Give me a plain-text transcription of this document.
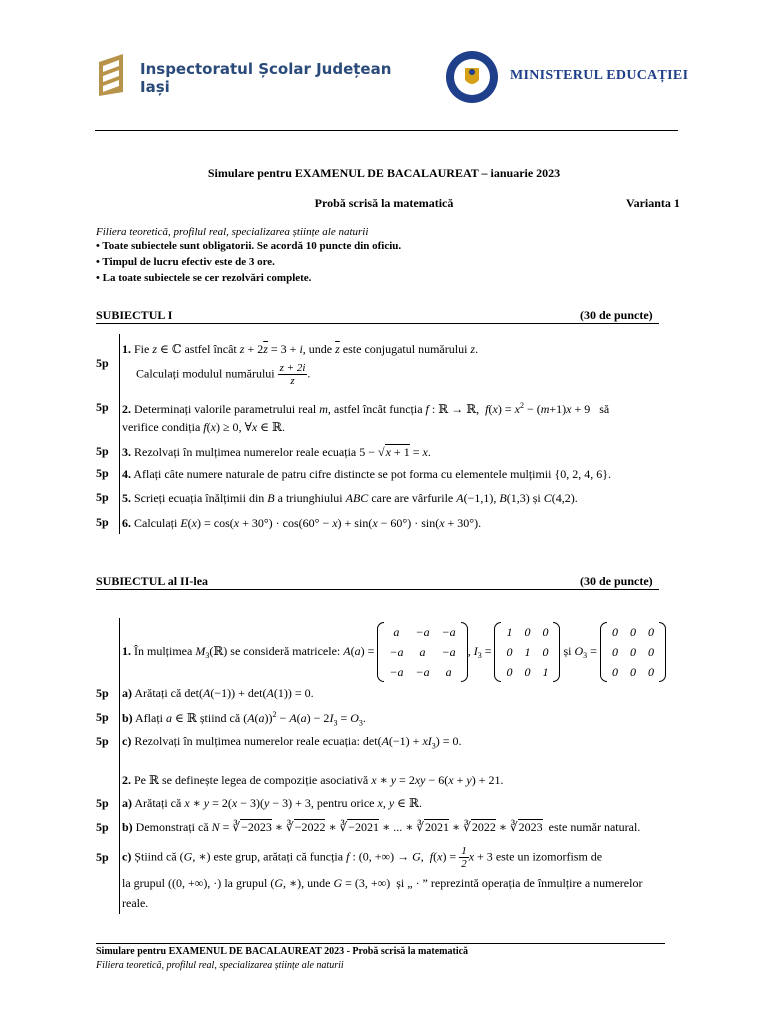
Inspectoratul Școlar Județean
Iași
MINISTERUL EDUCAȚIEI
Simulare pentru EXAMENUL DE BACALAUREAT – ianuarie 2023
Probă scrisă la matematică	Varianta 1
Filiera teoretică, profilul real, specializarea științe ale naturii
• Toate subiectele sunt obligatorii. Se acordă 10 puncte din oficiu.
• Timpul de lucru efectiv este de 3 ore.
• La toate subiectele se cer rezolvări complete.
SUBIECTUL I	(30 de puncte)
5p
1. Fie z ∈ ℂ astfel încât $z + 2\overline{z} = 3 + i$, unde $\overline{z}$ este conjugatul numărului z.
Calculați modulul numărului $\frac{z + 2i}{z}$ .
5p 2. Determinați valorile parametrului real m, astfel încât funcția f : ℝ → ℝ,  $f(x) = x^2 - (m+1)x + 9$   să
verifice condiția f(x) ≥ 0, ∀x ∈ ℝ.
5p 3. Rezolvați în mulțimea numerelor reale ecuația 5 − √x + 1 = x.
5p 4. Aflați câte numere naturale de patru cifre distincte se pot forma cu elementele mulțimii {0, 2, 4, 6}.
5p 5. Scrieți ecuația înălțimii din B a triunghiului ABC care are vârfurile A(−1,1), B(1,3) și C(4,2).
5p 6. Calculați E(x) = cos(x + 30°) · cos(60° − x) + sin(x − 60°) · sin(x + 30°).
SUBIECTUL al II-lea	(30 de puncte)
1. În mulțimea $M_3(ℝ)$ se consideră matricele: A(a) =
a	−a	−a
−a	a	−a
−a	−a	a
, $I_3$ =
1	0	0
0	1	0
0	0	1
și $O_3$ =
0	0	0
0	0	0
0	0	0
5p a) Arătați că det(A(−1)) + det(A(1)) = 0.
5p b) Aflați a ∈ ℝ știind că $(A(a))^2 - A(a) - 2I_3 = O_3$.
5p c) Rezolvați în mulțimea numerelor reale ecuația: $\det(A(-1) + xI_3) = 0$.
2. Pe ℝ se definește legea de compoziție asociativă x ∗ y = 2xy − 6(x + y) + 21.
5p a) Arătați că x ∗ y = 2(x − 3)(y − 3) + 3, pentru orice x, y ∈ ℝ.
5p b) Demonstrați că N = ∛−2023 ∗ ∛−2022 ∗ ∛−2021 ∗ ... ∗ ∛2021 ∗ ∛2022 ∗ ∛2023 este număr natural.
5p c) Știind că (G, ∗) este grup, arătați că funcția f : (0, +∞) → G,  $f(x) = \frac{1}{2}$ x + 3 este un izomorfism de
la grupul ((0, +∞), ·) la grupul (G, ∗), unde G = (3, +∞)  și „ · ” reprezintă operația de înmulțire a numerelor
reale.
Simulare pentru EXAMENUL DE BACALAUREAT 2023 - Probă scrisă la matematică
Filiera teoretică, profilul real, specializarea științe ale naturii
